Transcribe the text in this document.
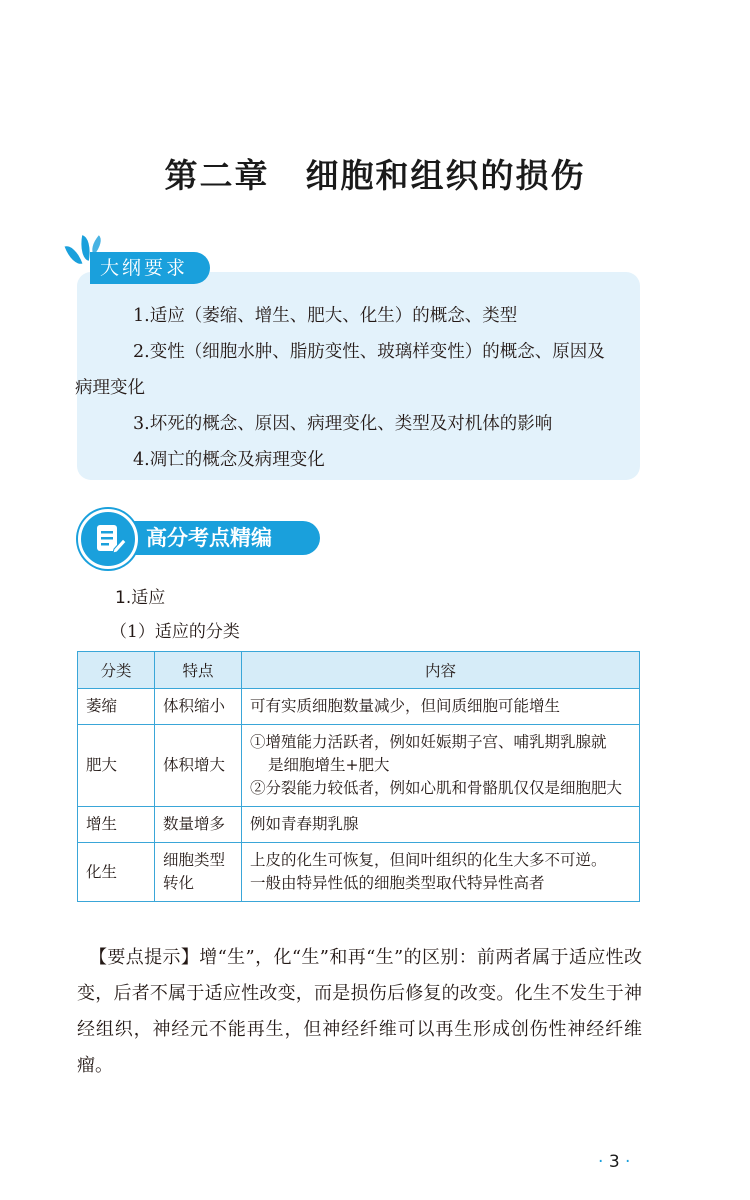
第二章 细胞和组织的损伤
大纲要求

1.适应（萎缩、增生、肥大、化生）的概念、类型

2.变性（细胞水肿、脂肪变性、玻璃样变性）的概念、原因及

病理变化

3.坏死的概念、原因、病理变化、类型及对机体的影响

4.凋亡的概念及病理变化

高分考点精编
1.适应
（1）适应的分类
分类	特点	内容
萎缩	体积缩小	可有实质细胞数量减少，但间质细胞可能增生

肥大	体积增大	①增殖能力活跃者，例如妊娠期子宫、哺乳期乳腺就
是细胞增生+肥大
②分裂能力较低者，例如心肌和骨骼肌仅仅是细胞肥大

增生	数量增多	例如青春期乳腺

化生	细胞类型转化	上皮的化生可恢复，但间叶组织的化生大多不可逆。
一般由特异性低的细胞类型取代特异性高者
【要点提示】增“生”，化“生”和再“生”的区别：前两者属于适应性改变，后者不属于适应性改变，而是损伤后修复的改变。化生不发生于神经组织，神经元不能再生，但神经纤维可以再生形成创伤性神经纤维瘤。
· 3 ·
